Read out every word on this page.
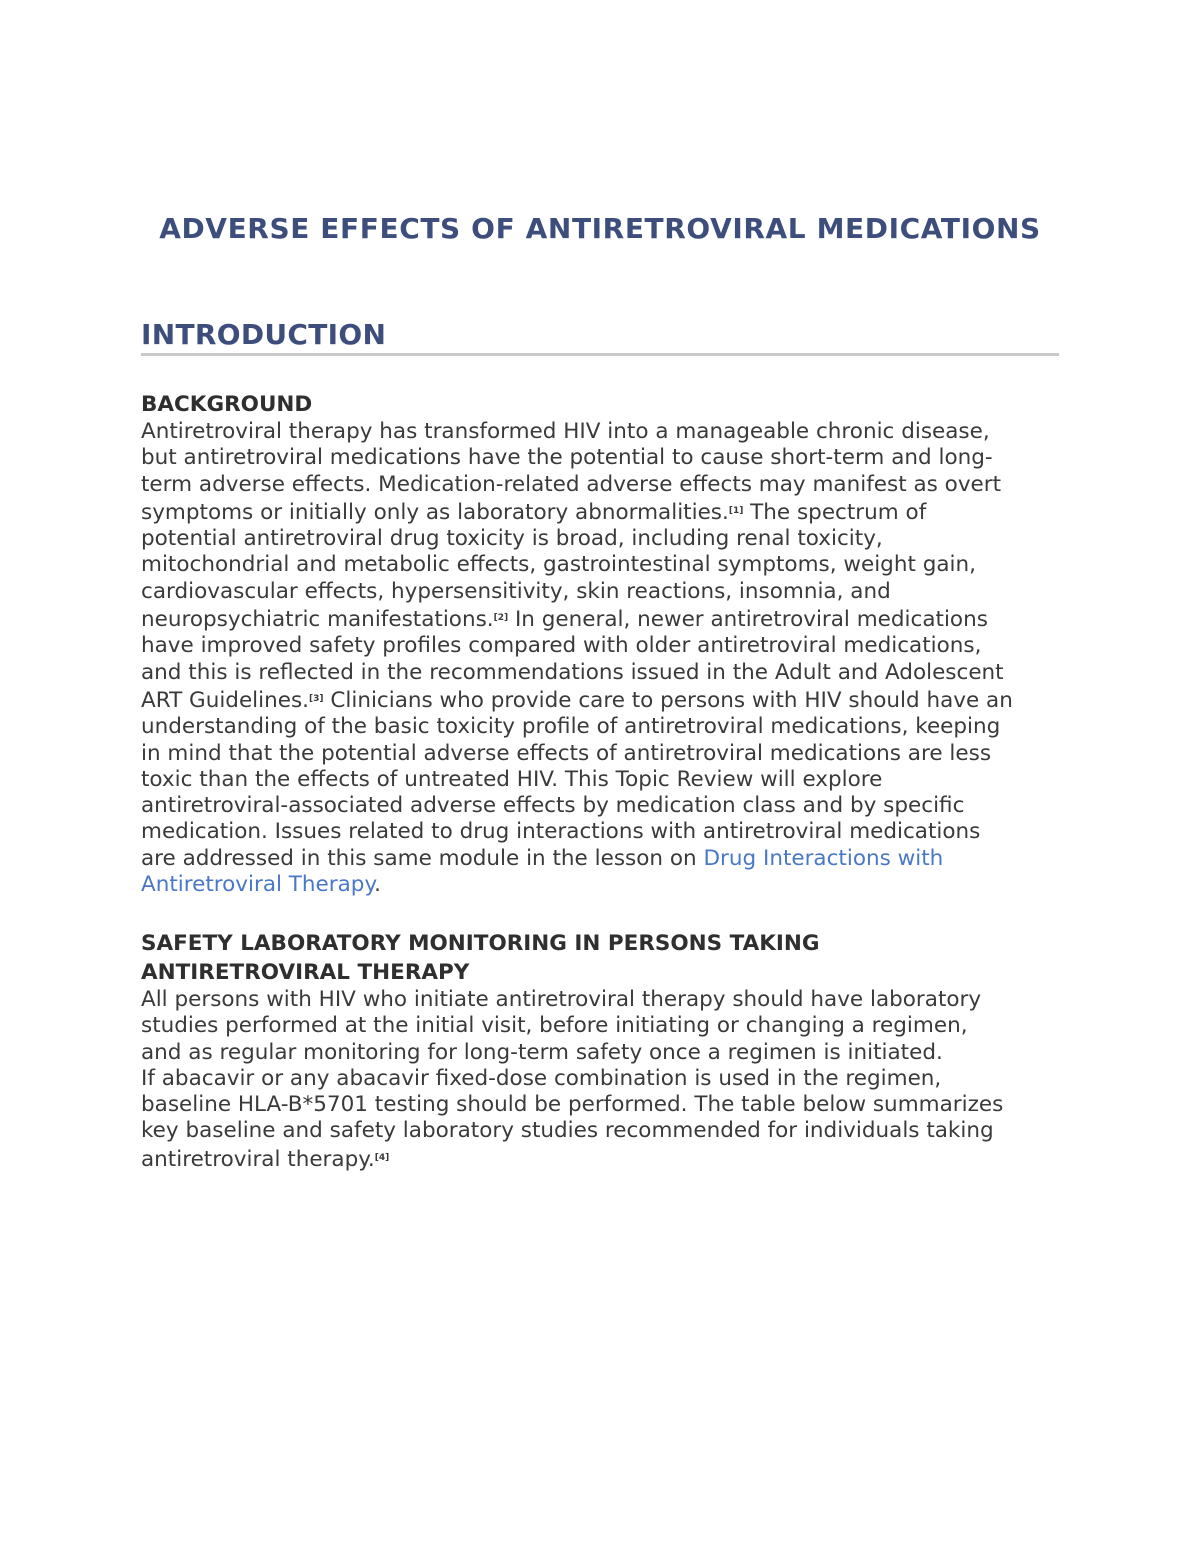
ADVERSE EFFECTS OF ANTIRETROVIRAL MEDICATIONS
INTRODUCTION
BACKGROUND

Antiretroviral therapy has transformed HIV into a manageable chronic disease,
but antiretroviral medications have the potential to cause short-term and long-
term adverse effects. Medication-related adverse effects may manifest as overt
symptoms or initially only as laboratory abnormalities.[1] The spectrum of
potential antiretroviral drug toxicity is broad, including renal toxicity,
mitochondrial and metabolic effects, gastrointestinal symptoms, weight gain,
cardiovascular effects, hypersensitivity, skin reactions, insomnia, and
neuropsychiatric manifestations.[2] In general, newer antiretroviral medications
have improved safety profiles compared with older antiretroviral medications,
and this is reflected in the recommendations issued in the Adult and Adolescent
ART Guidelines.[3] Clinicians who provide care to persons with HIV should have an
understanding of the basic toxicity profile of antiretroviral medications, keeping
in mind that the potential adverse effects of antiretroviral medications are less
toxic than the effects of untreated HIV. This Topic Review will explore
antiretroviral-associated adverse effects by medication class and by specific
medication. Issues related to drug interactions with antiretroviral medications
are addressed in this same module in the lesson on Drug Interactions with
Antiretroviral Therapy.

SAFETY LABORATORY MONITORING IN PERSONS TAKING
ANTIRETROVIRAL THERAPY

All persons with HIV who initiate antiretroviral therapy should have laboratory
studies performed at the initial visit, before initiating or changing a regimen,
and as regular monitoring for long-term safety once a regimen is initiated.

If abacavir or any abacavir fixed-dose combination is used in the regimen,
baseline HLA-B*5701 testing should be performed. The table below summarizes
key baseline and safety laboratory studies recommended for individuals taking
antiretroviral therapy.[4]
